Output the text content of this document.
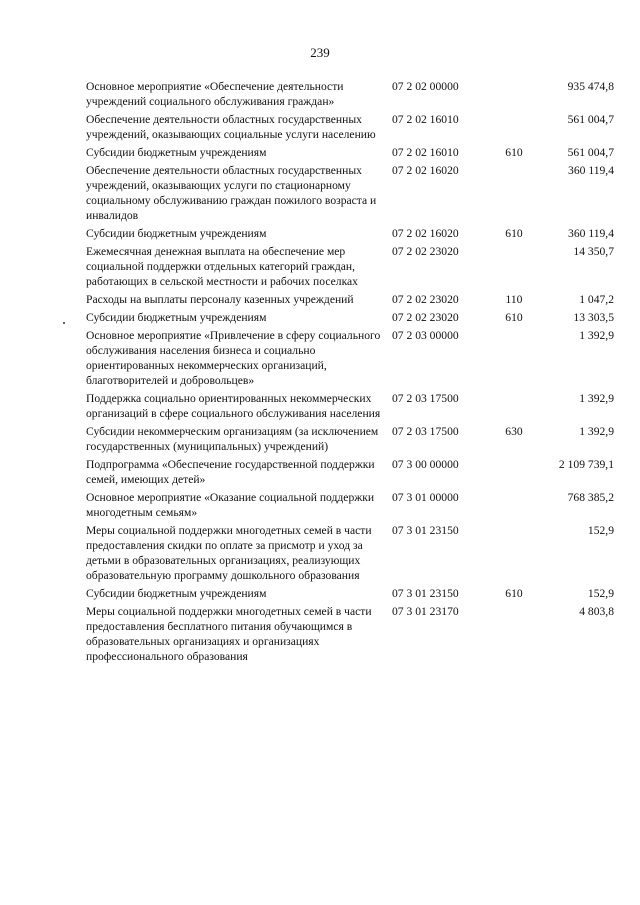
239
Основное мероприятие «Обеспечение деятельности учреждений социального обслуживания граждан»	07 2 02 00000		935 474,8
Обеспечение деятельности областных государственных учреждений, оказывающих социальные услуги населению	07 2 02 16010		561 004,7
Субсидии бюджетным учреждениям	07 2 02 16010	610	561 004,7
Обеспечение деятельности областных государственных учреждений, оказывающих услуги по стационарному социальному обслуживанию граждан пожилого возраста и инвалидов	07 2 02 16020		360 119,4
Субсидии бюджетным учреждениям	07 2 02 16020	610	360 119,4
Ежемесячная денежная выплата на обеспечение мер социальной поддержки отдельных категорий граждан, работающих в сельской местности и рабочих поселках	07 2 02 23020		14 350,7
Расходы на выплаты персоналу казенных учреждений	07 2 02 23020	110	1 047,2
Субсидии бюджетным учреждениям	07 2 02 23020	610	13 303,5
Основное мероприятие «Привлечение в сферу социального обслуживания населения бизнеса и социально ориентированных некоммерческих организаций, благотворителей и добровольцев»	07 2 03 00000		1 392,9
Поддержка социально ориентированных некоммерческих организаций в сфере социального обслуживания населения	07 2 03 17500		1 392,9
Субсидии некоммерческим организациям (за исключением государственных (муниципальных) учреждений)	07 2 03 17500	630	1 392,9
Подпрограмма «Обеспечение государственной поддержки семей, имеющих детей»	07 3 00 00000		2 109 739,1
Основное мероприятие «Оказание социальной поддержки многодетным семьям»	07 3 01 00000		768 385,2
Меры социальной поддержки многодетных семей в части предоставления скидки по оплате за присмотр и уход за детьми в образовательных организациях, реализующих образовательную программу дошкольного образования	07 3 01 23150		152,9
Субсидии бюджетным учреждениям	07 3 01 23150	610	152,9
Меры социальной поддержки многодетных семей в части предоставления бесплатного питания обучающимся в образовательных организациях и организациях профессионального образования	07 3 01 23170		4 803,8
